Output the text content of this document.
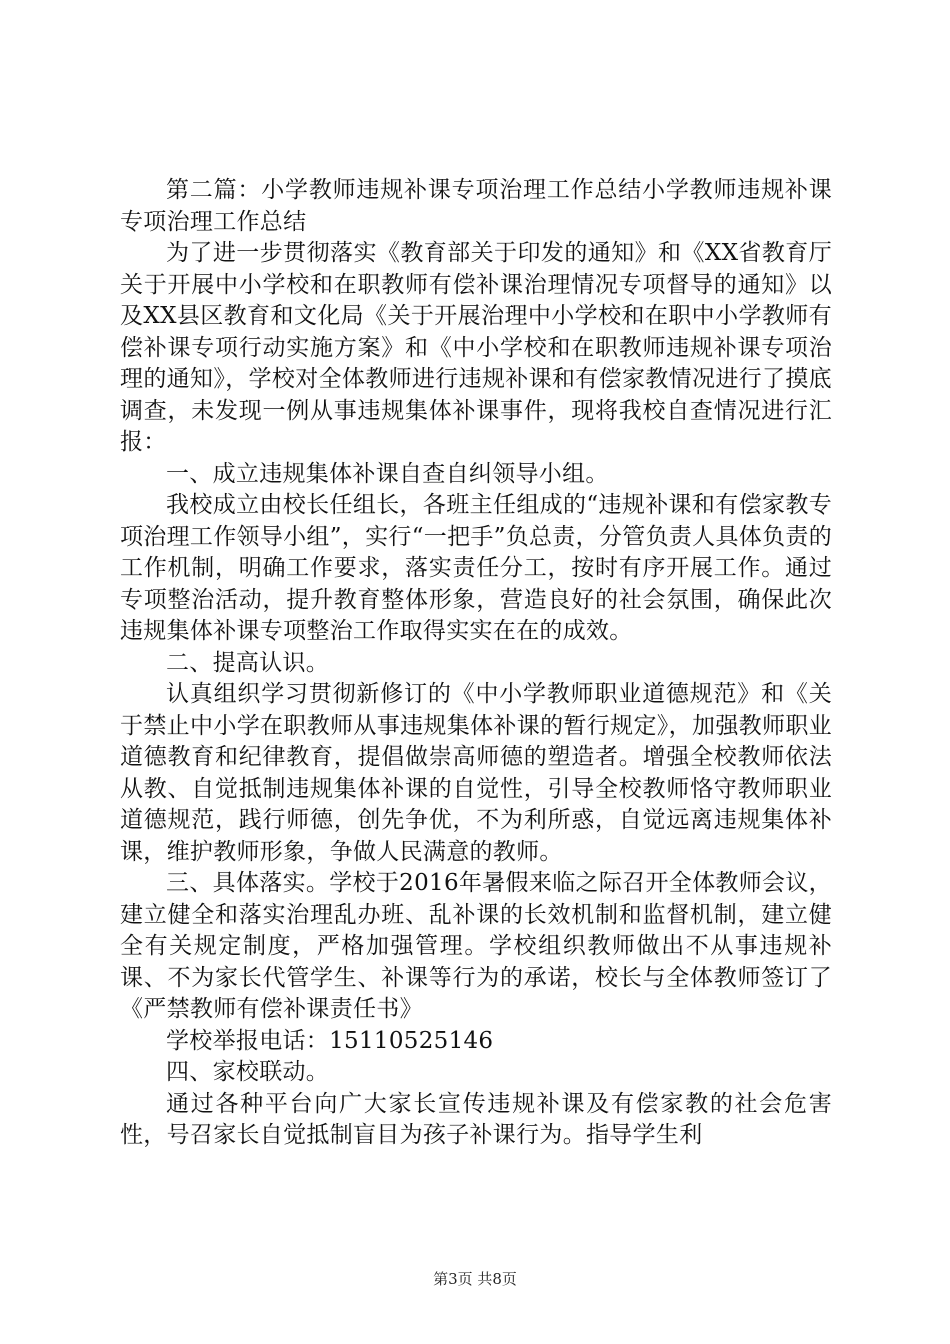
第二篇：小学教师违规补课专项治理工作总结小学教师违规补课专项治理工作总结

为了进一步贯彻落实《教育部关于印发的通知》和《XX省教育厅关于开展中小学校和在职教师有偿补课治理情况专项督导的通知》以及XX县区教育和文化局《关于开展治理中小学校和在职中小学教师有偿补课专项行动实施方案》和《中小学校和在职教师违规补课专项治理的通知》，学校对全体教师进行违规补课和有偿家教情况进行了摸底调查，未发现一例从事违规集体补课事件，现将我校自查情况进行汇报：

一、成立违规集体补课自查自纠领导小组。

我校成立由校长任组长，各班主任组成的“违规补课和有偿家教专项治理工作领导小组”，实行“一把手”负总责，分管负责人具体负责的工作机制，明确工作要求，落实责任分工，按时有序开展工作。通过专项整治活动，提升教育整体形象，营造良好的社会氛围，确保此次违规集体补课专项整治工作取得实实在在的成效。

二、提高认识。

认真组织学习贯彻新修订的《中小学教师职业道德规范》和《关于禁止中小学在职教师从事违规集体补课的暂行规定》，加强教师职业道德教育和纪律教育，提倡做崇高师德的塑造者。增强全校教师依法从教、自觉抵制违规集体补课的自觉性，引导全校教师恪守教师职业道德规范，践行师德，创先争优，不为利所惑，自觉远离违规集体补课，维护教师形象，争做人民满意的教师。

三、具体落实。学校于2016年暑假来临之际召开全体教师会议，建立健全和落实治理乱办班、乱补课的长效机制和监督机制，建立健全有关规定制度，严格加强管理。学校组织教师做出不从事违规补课、不为家长代管学生、补课等行为的承诺，校长与全体教师签订了《严禁教师有偿补课责任书》

学校举报电话：15110525146

四、家校联动。

通过各种平台向广大家长宣传违规补课及有偿家教的社会危害性，号召家长自觉抵制盲目为孩子补课行为。指导学生利

第3页 共8页
